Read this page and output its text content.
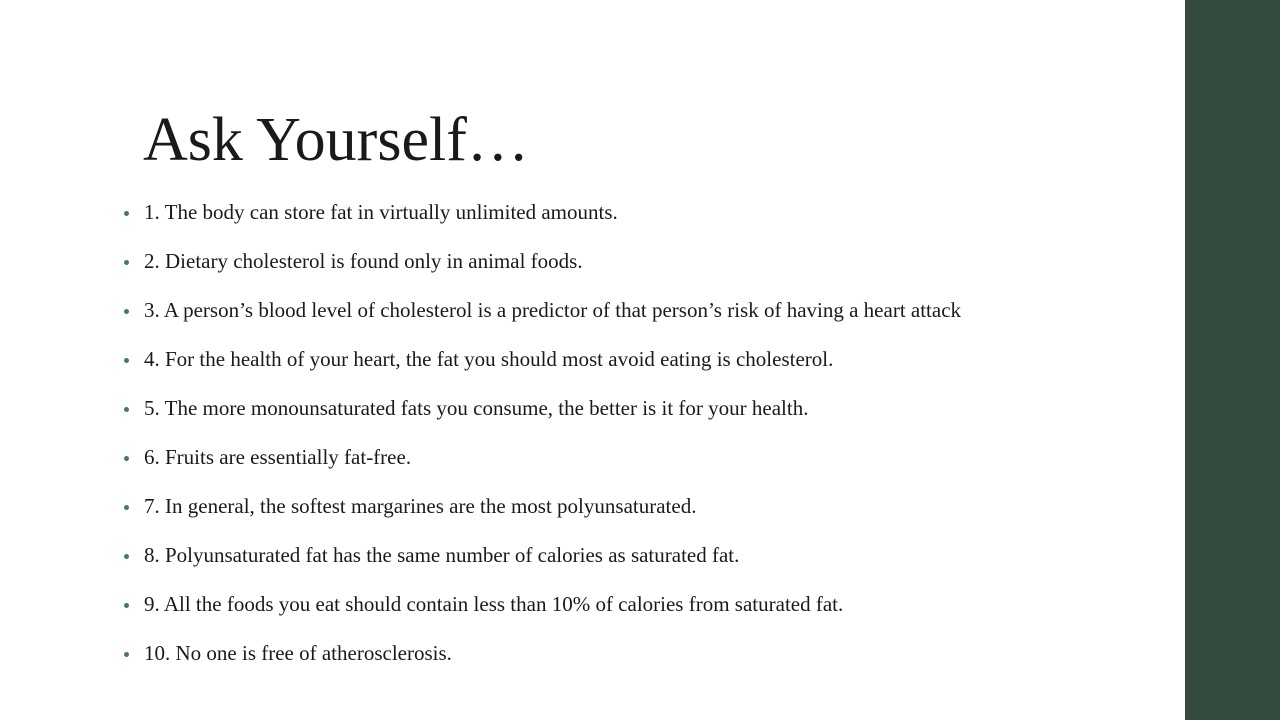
Ask Yourself…
1. The body can store fat in virtually unlimited amounts.
2. Dietary cholesterol is found only in animal foods.
3. A person’s blood level of cholesterol is a predictor of that person’s risk of having a heart attack
4. For the health of your heart, the fat you should most avoid eating is cholesterol.
5. The more monounsaturated fats you consume, the better is it for your health.
6. Fruits are essentially fat-free.
7. In general, the softest margarines are the most polyunsaturated.
8. Polyunsaturated fat has the same number of calories as saturated fat.
9. All the foods you eat should contain less than 10% of calories from saturated fat.
10. No one is free of atherosclerosis.
